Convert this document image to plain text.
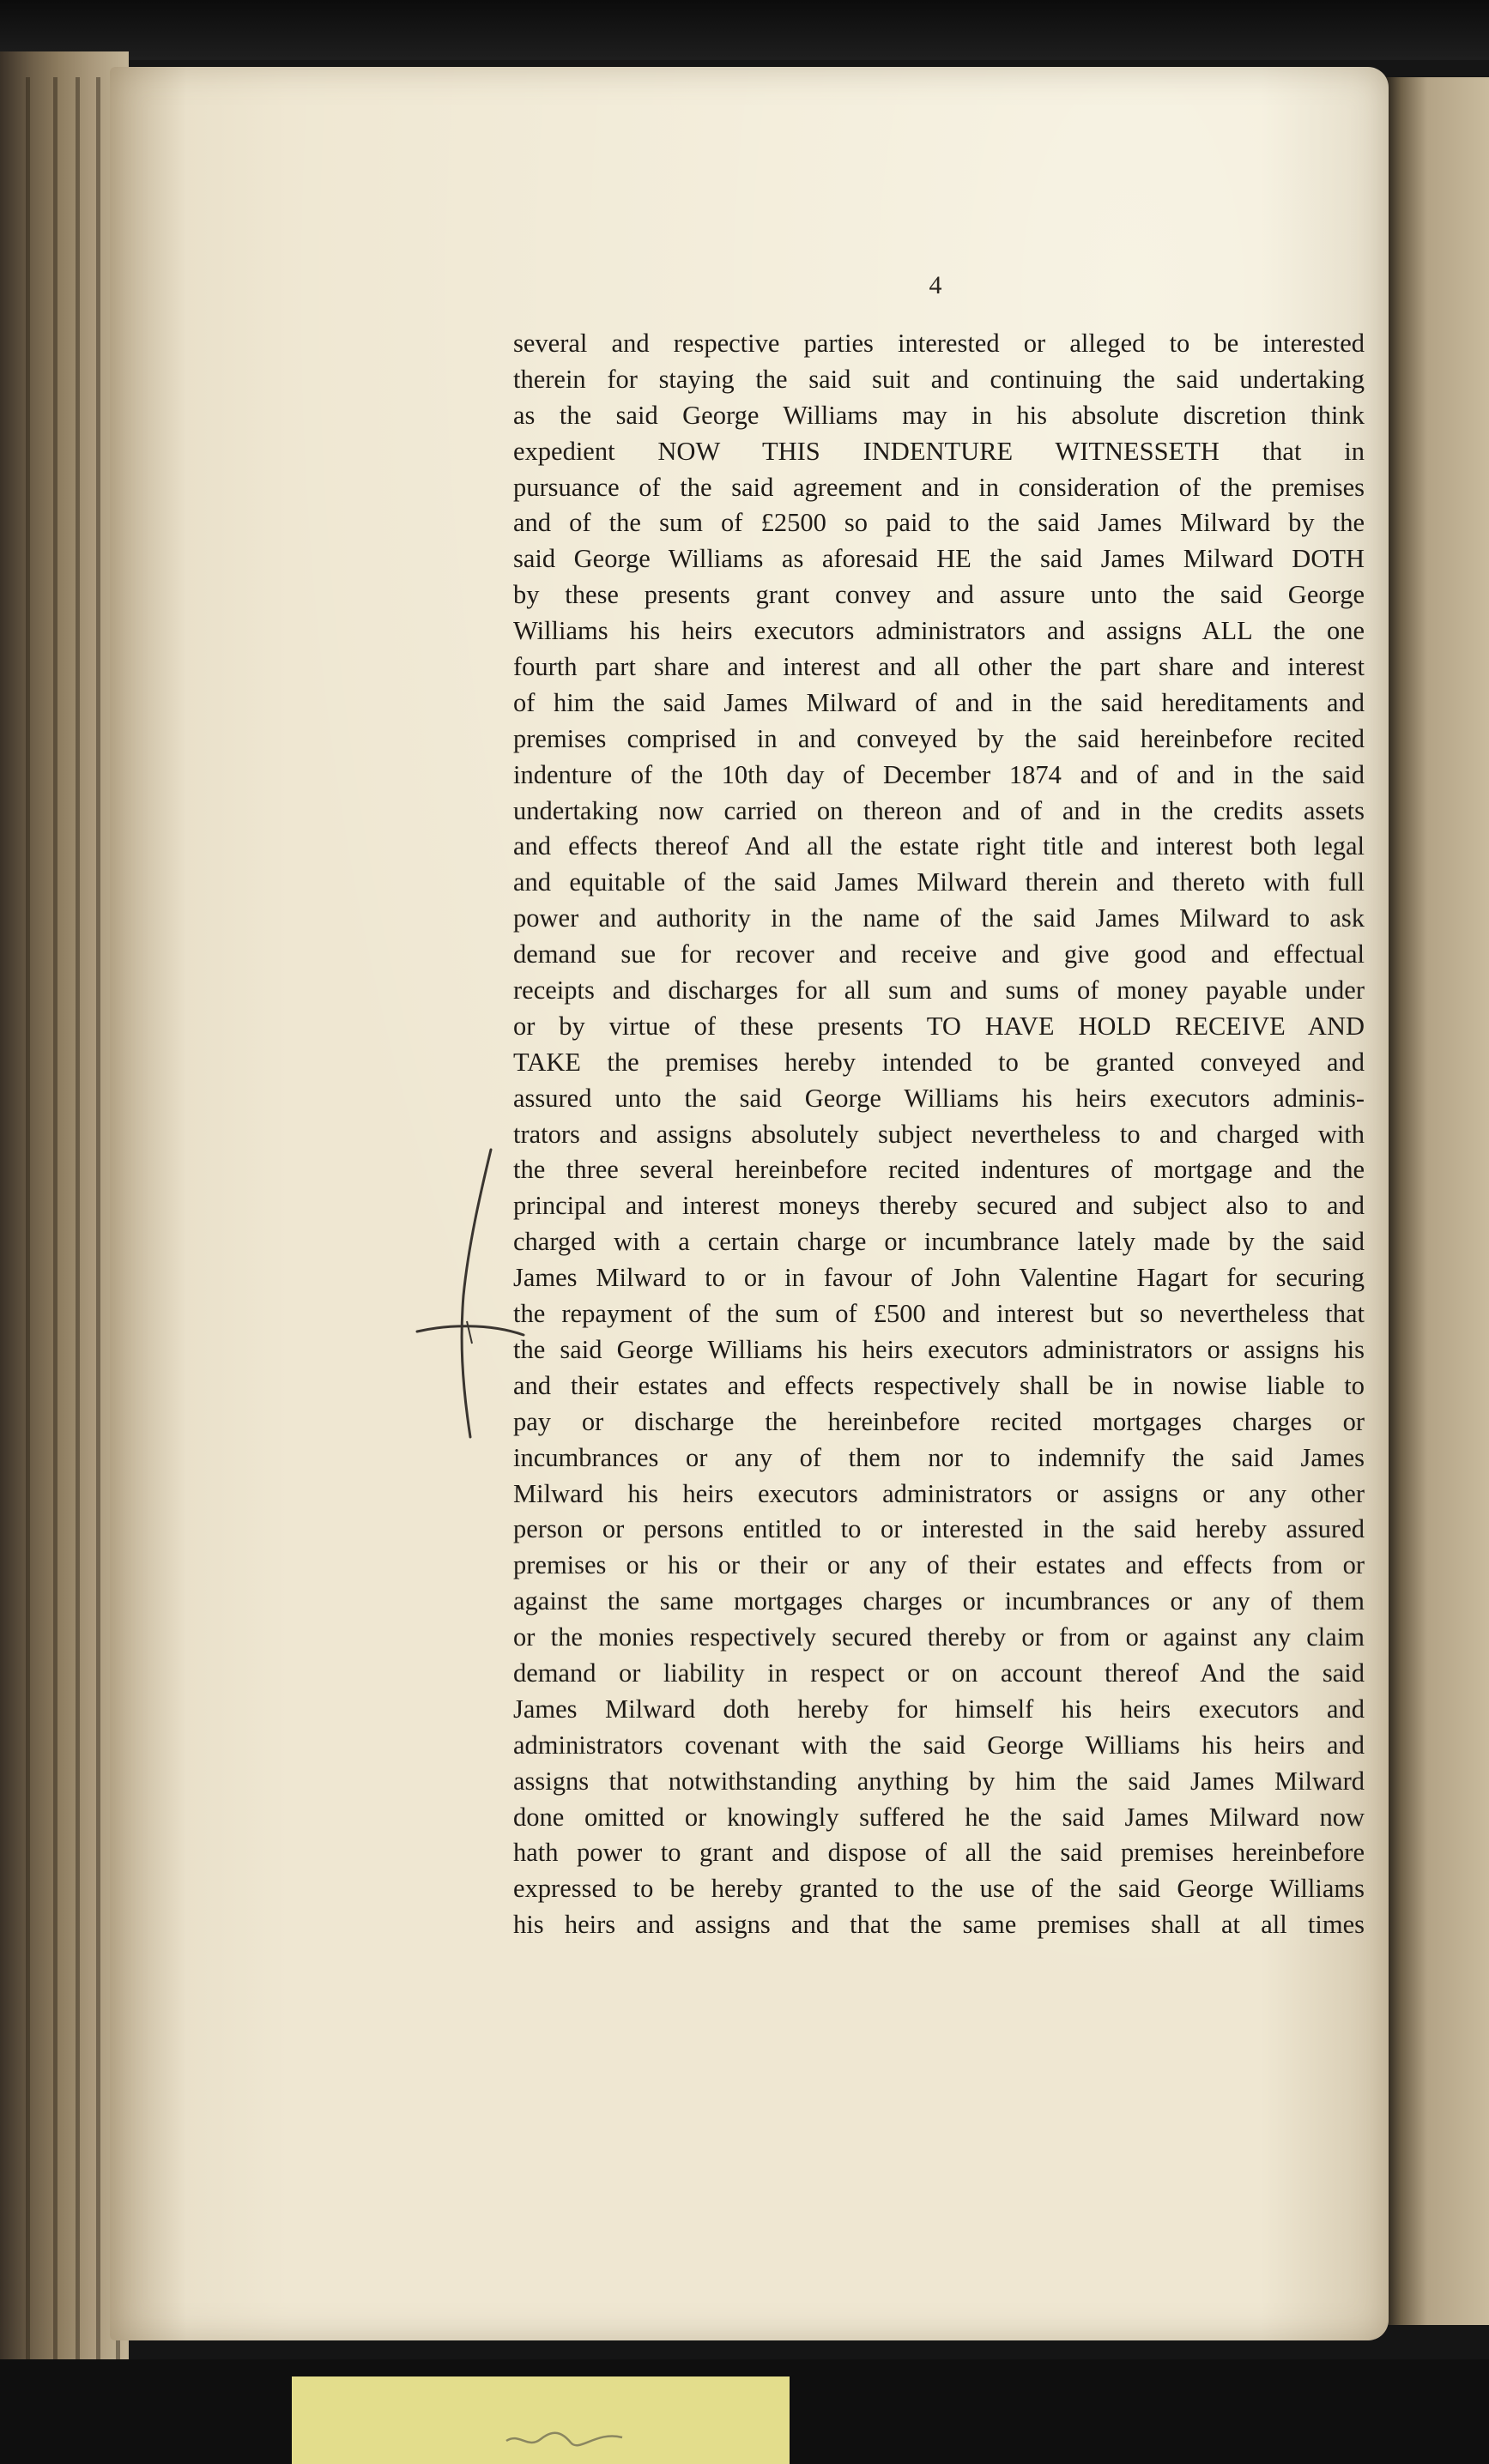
4
several and respective parties interested or alleged to be interested
therein for staying the said suit and continuing the said undertaking
as the said George Williams may in his absolute discretion think
expedient NOW THIS INDENTURE WITNESSETH that in
pursuance of the said agreement and in consideration of the premises
and of the sum of £2500 so paid to the said James Milward by the
said George Williams as aforesaid HE the said James Milward DOTH
by these presents grant convey and assure unto the said George
Williams his heirs executors administrators and assigns ALL the one
fourth part share and interest and all other the part share and interest
of him the said James Milward of and in the said hereditaments and
premises comprised in and conveyed by the said hereinbefore recited
indenture of the 10th day of December 1874 and of and in the said
undertaking now carried on thereon and of and in the credits assets
and effects thereof And all the estate right title and interest both legal
and equitable of the said James Milward therein and thereto with full
power and authority in the name of the said James Milward to ask
demand sue for recover and receive and give good and effectual
receipts and discharges for all sum and sums of money payable under
or by virtue of these presents TO HAVE HOLD RECEIVE AND
TAKE the premises hereby intended to be granted conveyed and
assured unto the said George Williams his heirs executors adminis-
trators and assigns absolutely subject nevertheless to and charged with
the three several hereinbefore recited indentures of mortgage and the
principal and interest moneys thereby secured and subject also to and
charged with a certain charge or incumbrance lately made by the said
James Milward to or in favour of John Valentine Hagart for securing
the repayment of the sum of £500 and interest but so nevertheless that
the said George Williams his heirs executors administrators or assigns his
and their estates and effects respectively shall be in nowise liable to
pay or discharge the hereinbefore recited mortgages charges or
incumbrances or any of them nor to indemnify the said James
Milward his heirs executors administrators or assigns or any other
person or persons entitled to or interested in the said hereby assured
premises or his or their or any of their estates and effects from or
against the same mortgages charges or incumbrances or any of them
or the monies respectively secured thereby or from or against any claim
demand or liability in respect or on account thereof And the said
James Milward doth hereby for himself his heirs executors and
administrators covenant with the said George Williams his heirs and
assigns that notwithstanding anything by him the said James Milward
done omitted or knowingly suffered he the said James Milward now
hath power to grant and dispose of all the said premises hereinbefore
expressed to be hereby granted to the use of the said George Williams
his heirs and assigns and that the same premises shall at all times
